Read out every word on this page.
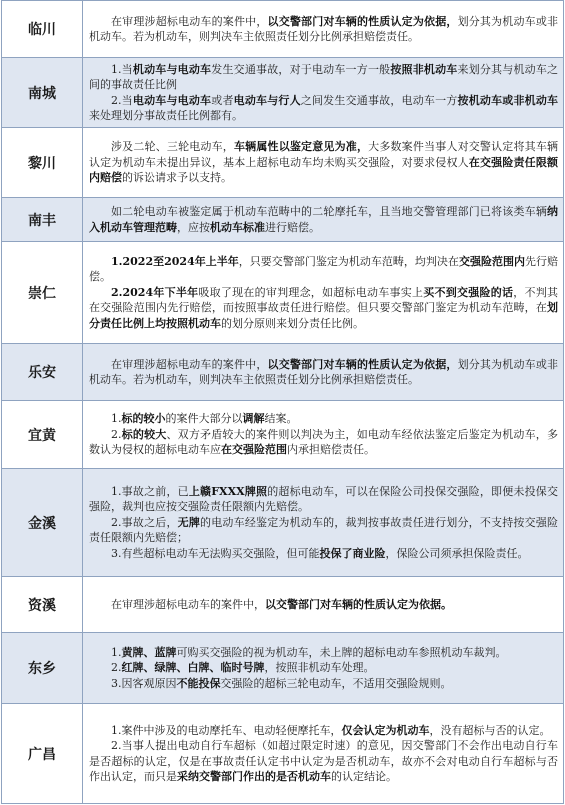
临川	在审理涉超标电动车的案件中，以交警部门对车辆的性质认定为依据，划分其为机动车或非机动车。若为机动车，则判决车主依照责任划分比例承担赔偿责任。

南城	1.当机动车与电动车发生交通事故，对于电动车一方一般按照非机动车来划分其与机动车之间的事故责任比例

2.当电动车与电动车或者电动车与行人之间发生交通事故，电动车一方按机动车或非机动车来处理划分事故责任比例都有。

黎川	涉及二轮、三轮电动车，车辆属性以鉴定意见为准，大多数案件当事人对交警认定将其车辆认定为机动车未提出异议，基本上超标电动车均未购买交强险，对要求侵权人在交强险责任限额内赔偿的诉讼请求予以支持。

南丰	如二轮电动车被鉴定属于机动车范畴中的二轮摩托车，且当地交警管理部门已将该类车辆纳入机动车管理范畴，应按机动车标准进行赔偿。

崇仁	1.2022至2024年上半年，只要交警部门鉴定为机动车范畴，均判决在交强险范围内先行赔偿。

2.2024年下半年吸取了现在的审判理念，如超标电动车事实上买不到交强险的话，不判其在交强险范围内先行赔偿，而按照事故责任进行赔偿。但只要交警部门鉴定为机动车范畴，在划分责任比例上均按照机动车的划分原则来划分责任比例。

乐安	在审理涉超标电动车的案件中，以交警部门对车辆的性质认定为依据，划分其为机动车或非机动车。若为机动车，则判决车主依照责任划分比例承担赔偿责任。

宜黄	1.标的较小的案件大部分以调解结案。

2.标的较大、双方矛盾较大的案件则以判决为主，如电动车经依法鉴定后鉴定为机动车，多数认为侵权的超标电动车应在交强险范围内承担赔偿责任。

金溪	1.事故之前，已上赣FXXX牌照的超标电动车，可以在保险公司投保交强险，即便未投保交强险，裁判也应按交强险责任限额内先赔偿。

2.事故之后，无牌的电动车经鉴定为机动车的，裁判按事故责任进行划分，不支持按交强险责任限额内先赔偿；

3.有些超标电动车无法购买交强险，但可能投保了商业险，保险公司须承担保险责任。

资溪	在审理涉超标电动车的案件中，以交警部门对车辆的性质认定为依据。

东乡	1.黄牌、蓝牌可购买交强险的视为机动车，未上牌的超标电动车参照机动车裁判。

2.红牌、绿牌、白牌、临时号牌，按照非机动车处理。

3.因客观原因不能投保交强险的超标三轮电动车，不适用交强险规则。

广昌	1.案件中涉及的电动摩托车、电动轻便摩托车，仅会认定为机动车，没有超标与否的认定。

2.当事人提出电动自行车超标（如超过限定时速）的意见，因交警部门不会作出电动自行车是否超标的认定，仅是在事故责任认定书中认定为是否机动车，故亦不会对电动自行车超标与否作出认定，而只是采纳交警部门作出的是否机动车的认定结论。
